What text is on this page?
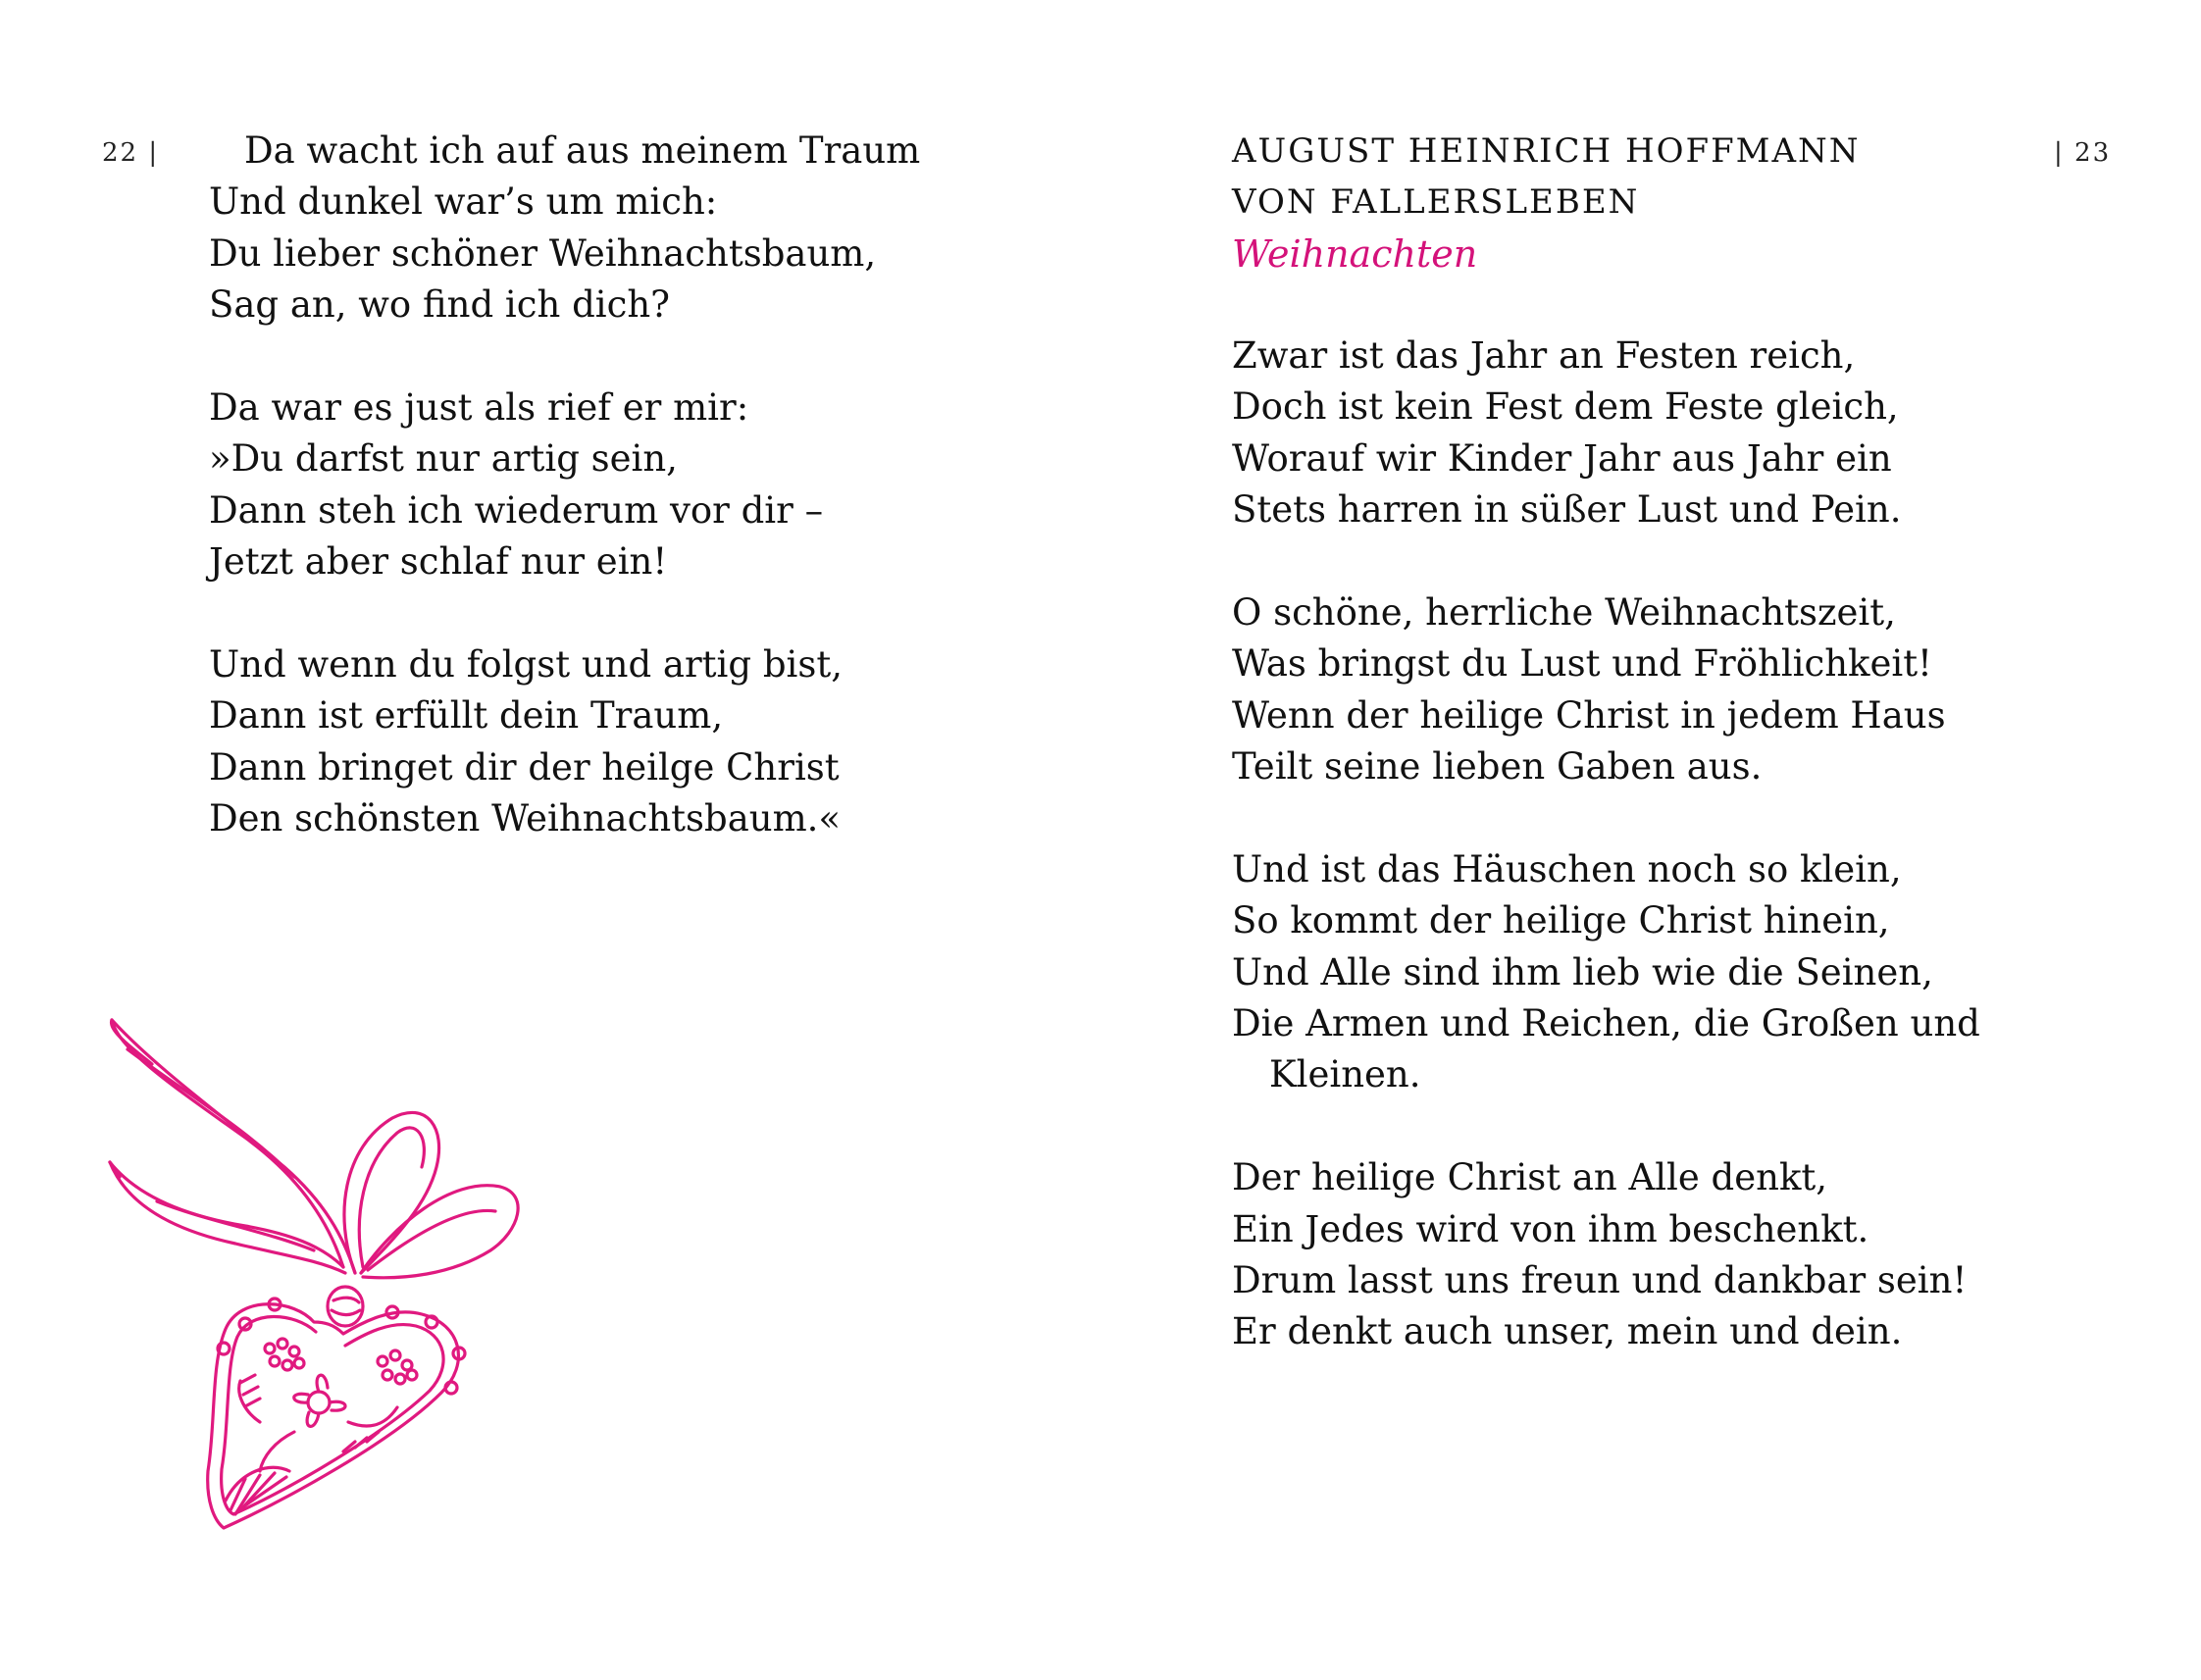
22 |	Da wacht ich auf aus meinem Traum
Und dunkel war’s um mich:
Du lieber schöner Weihnachtsbaum,
Sag an, wo find ich dich?
Da war es just als rief er mir:
»Du darfst nur artig sein,
Dann steh ich wiederum vor dir –
Jetzt aber schlaf nur ein!
Und wenn du folgst und artig bist,
Dann ist erfüllt dein Traum,
Dann bringet dir der heilge Christ
Den schönsten Weihnachtsbaum.«
| 23
AUGUST HEINRICH HOFFMANN
VON FALLERSLEBEN
Weihnachten
Zwar ist das Jahr an Festen reich,
Doch ist kein Fest dem Feste gleich,
Worauf wir Kinder Jahr aus Jahr ein
Stets harren in süßer Lust und Pein.
O schöne, herrliche Weihnachtszeit,
Was bringst du Lust und Fröhlichkeit!
Wenn der heilige Christ in jedem Haus
Teilt seine lieben Gaben aus.
Und ist das Häuschen noch so klein,
So kommt der heilige Christ hinein,
Und Alle sind ihm lieb wie die Seinen,
Die Armen und Reichen, die Großen und
Kleinen.
Der heilige Christ an Alle denkt,
Ein Jedes wird von ihm beschenkt.
Drum lasst uns freun und dankbar sein!
Er denkt auch unser, mein und dein.
